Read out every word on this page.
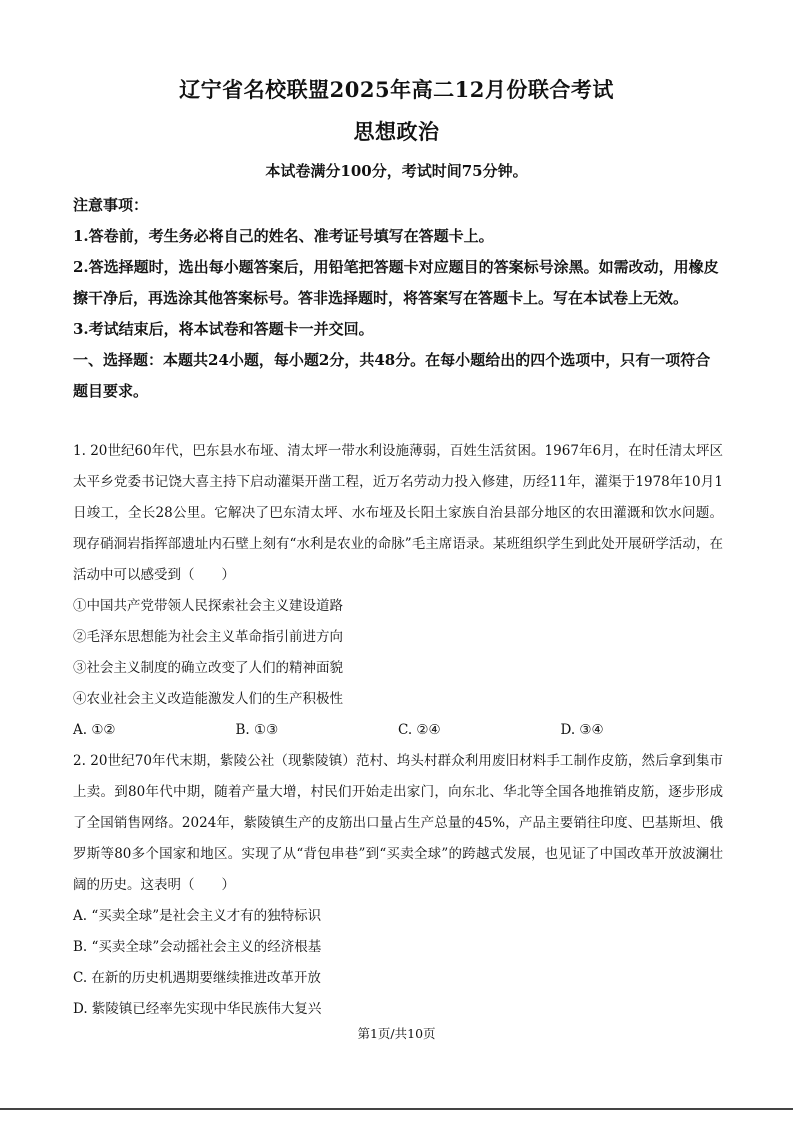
辽宁省名校联盟2025年高二12月份联合考试
思想政治
本试卷满分100分，考试时间75分钟。

注意事项：

1.答卷前，考生务必将自己的姓名、准考证号填写在答题卡上。

2.答选择题时，选出每小题答案后，用铅笔把答题卡对应题目的答案标号涂黑。如需改动，用橡皮擦干净后，再选涂其他答案标号。答非选择题时，将答案写在答题卡上。写在本试卷上无效。

3.考试结束后，将本试卷和答题卡一并交回。

一、选择题：本题共24小题，每小题2分，共48分。在每小题给出的四个选项中，只有一项符合题目要求。

1. 20世纪60年代，巴东县水布垭、清太坪一带水利设施薄弱，百姓生活贫困。1967年6月，在时任清太坪区太平乡党委书记饶大喜主持下启动灌渠开凿工程，近万名劳动力投入修建，历经11年，灌渠于1978年10月1日竣工，全长28公里。它解决了巴东清太坪、水布垭及长阳土家族自治县部分地区的农田灌溉和饮水问题。现存硝洞岩指挥部遗址内石壁上刻有“水利是农业的命脉”毛主席语录。某班组织学生到此处开展研学活动，在活动中可以感受到（　　）

①中国共产党带领人民探索社会主义建设道路

②毛泽东思想能为社会主义革命指引前进方向

③社会主义制度的确立改变了人们的精神面貌

④农业社会主义改造能激发人们的生产积极性

A. ①②	B. ①③	C. ②④	D. ③④

2. 20世纪70年代末期，紫陵公社（现紫陵镇）范村、坞头村群众利用废旧材料手工制作皮筋，然后拿到集市上卖。到80年代中期，随着产量大增，村民们开始走出家门，向东北、华北等全国各地推销皮筋，逐步形成了全国销售网络。2024年，紫陵镇生产的皮筋出口量占生产总量的45%，产品主要销往印度、巴基斯坦、俄罗斯等80多个国家和地区。实现了从“背包串巷”到“买卖全球”的跨越式发展，也见证了中国改革开放波澜壮阔的历史。这表明（　　）

A. “买卖全球”是社会主义才有的独特标识

B. “买卖全球”会动摇社会主义的经济根基

C. 在新的历史机遇期要继续推进改革开放

D. 紫陵镇已经率先实现中华民族伟大复兴

第1页/共10页
